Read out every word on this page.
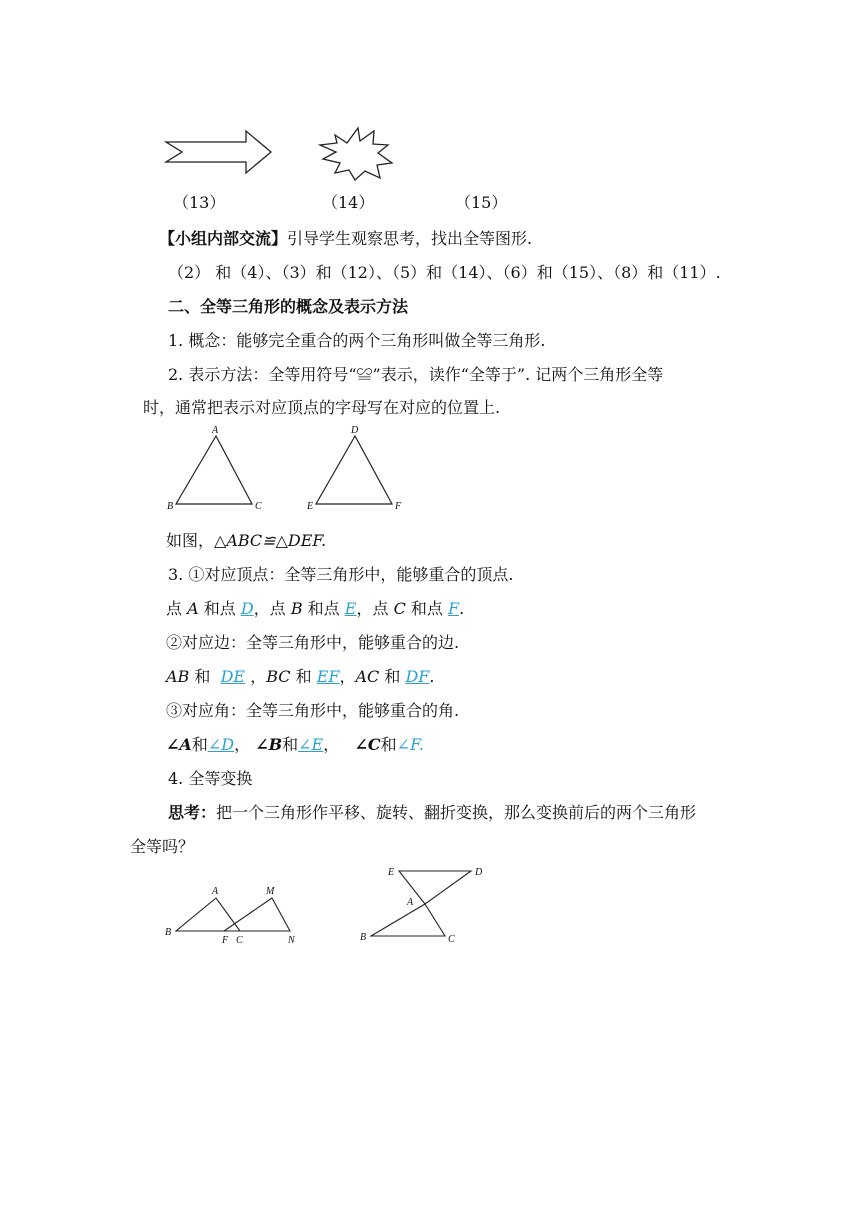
（13）	（14）	（15）
【小组内部交流】引导学生观察思考，找出全等图形.
（2） 和（4）、（3）和（12）、（5）和（14）、（6）和（15）、（8）和（11）.
二、全等三角形的概念及表示方法
1. 概念：能够完全重合的两个三角形叫做全等三角形.
2. 表示方法：全等用符号“≌”表示，读作“全等于”. 记两个三角形全等
时，通常把表示对应顶点的字母写在对应的位置上.
A
B	C
D
E	F
如图，△ABC≌△DEF.
3. ①对应顶点：全等三角形中，能够重合的顶点.
点 A 和点 D，点 B 和点 E，点 C 和点 F.
②对应边：全等三角形中，能够重合的边.
AB 和  DE ，BC 和 EF，AC 和 DF.
③对应角：全等三角形中，能够重合的角.
∠A和∠D， ∠B和∠E， ∠C和∠F.
4. 全等变换
思考：把一个三角形作平移、旋转、翻折变换，那么变换前后的两个三角形
全等吗？
A	M
B
F C	N
E	D
A
B	C
